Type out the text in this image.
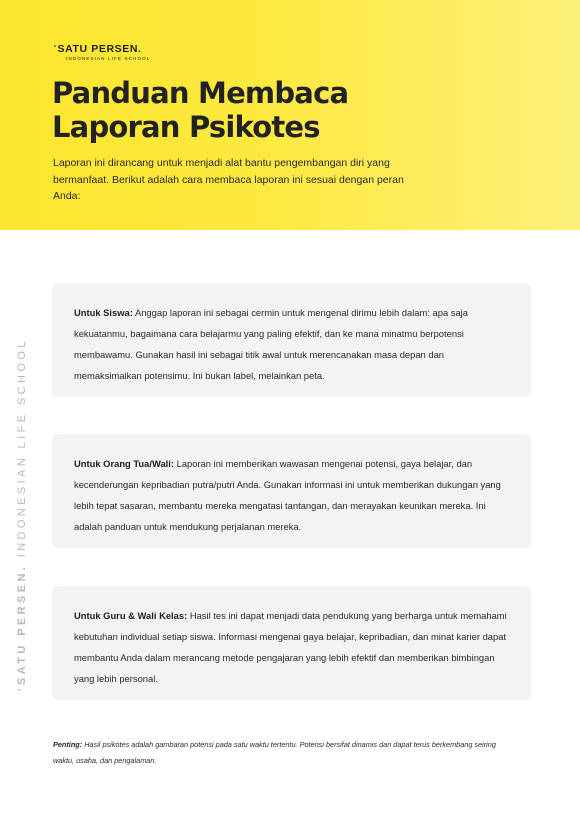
'SATU PERSEN.
INDONESIAN LIFE SCHOOL
Panduan Membaca
Laporan Psikotes

Laporan ini dirancang untuk menjadi alat bantu pengembangan diri yang bermanfaat. Berikut adalah cara membaca laporan ini sesuai dengan peran Anda:

'SATU PERSEN. INDONESIAN LIFE SCHOOL

Untuk Siswa: Anggap laporan ini sebagai cermin untuk mengenal dirimu lebih dalam: apa saja kekuatanmu, bagaimana cara belajarmu yang paling efektif, dan ke mana minatmu berpotensi membawamu. Gunakan hasil ini sebagai titik awal untuk merencanakan masa depan dan memaksimalkan potensimu. Ini bukan label, melainkan peta.

Untuk Orang Tua/Wali: Laporan ini memberikan wawasan mengenai potensi, gaya belajar, dan kecenderungan kepribadian putra/putri Anda. Gunakan informasi ini untuk memberikan dukungan yang lebih tepat sasaran, membantu mereka mengatasi tantangan, dan merayakan keunikan mereka. Ini adalah panduan untuk mendukung perjalanan mereka.

Untuk Guru & Wali Kelas: Hasil tes ini dapat menjadi data pendukung yang berharga untuk memahami kebutuhan individual setiap siswa. Informasi mengenai gaya belajar, kepribadian, dan minat karier dapat membantu Anda dalam merancang metode pengajaran yang lebih efektif dan memberikan bimbingan yang lebih personal.

Penting: Hasil psikotes adalah gambaran potensi pada satu waktu tertentu. Potensi bersifat dinamis dan dapat terus berkembang seiring waktu, usaha, dan pengalaman.
